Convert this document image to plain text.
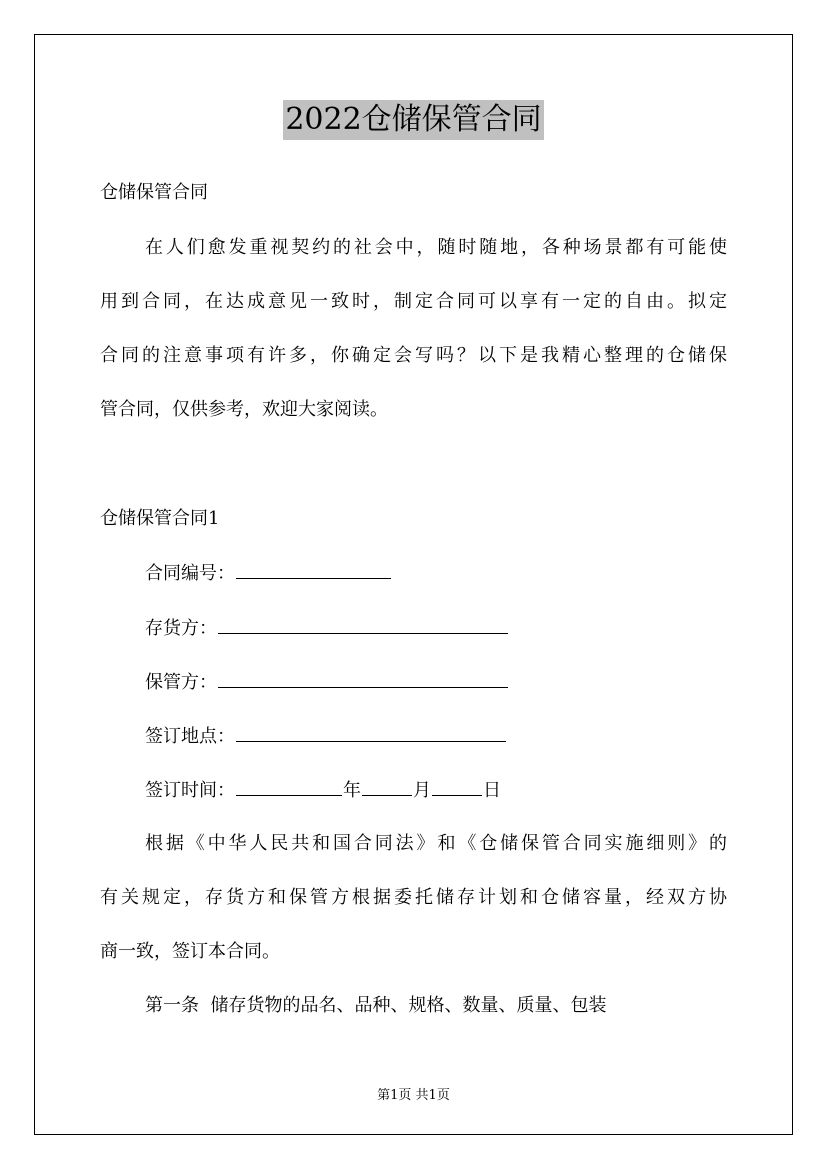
2022仓储保管合同
仓储保管合同
在人们愈发重视契约的社会中，随时随地，各种场景都有可能使
用到合同，在达成意见一致时，制定合同可以享有一定的自由。拟定
合同的注意事项有许多，你确定会写吗？以下是我精心整理的仓储保
管合同，仅供参考，欢迎大家阅读。
仓储保管合同1
合同编号：
存货方：
保管方：
签订地点：
签订时间：	年	月	日
根据《中华人民共和国合同法》和《仓储保管合同实施细则》的
有关规定，存货方和保管方根据委托储存计划和仓储容量，经双方协
商一致，签订本合同。
第一条  储存货物的品名、品种、规格、数量、质量、包装
第1页 共1页
